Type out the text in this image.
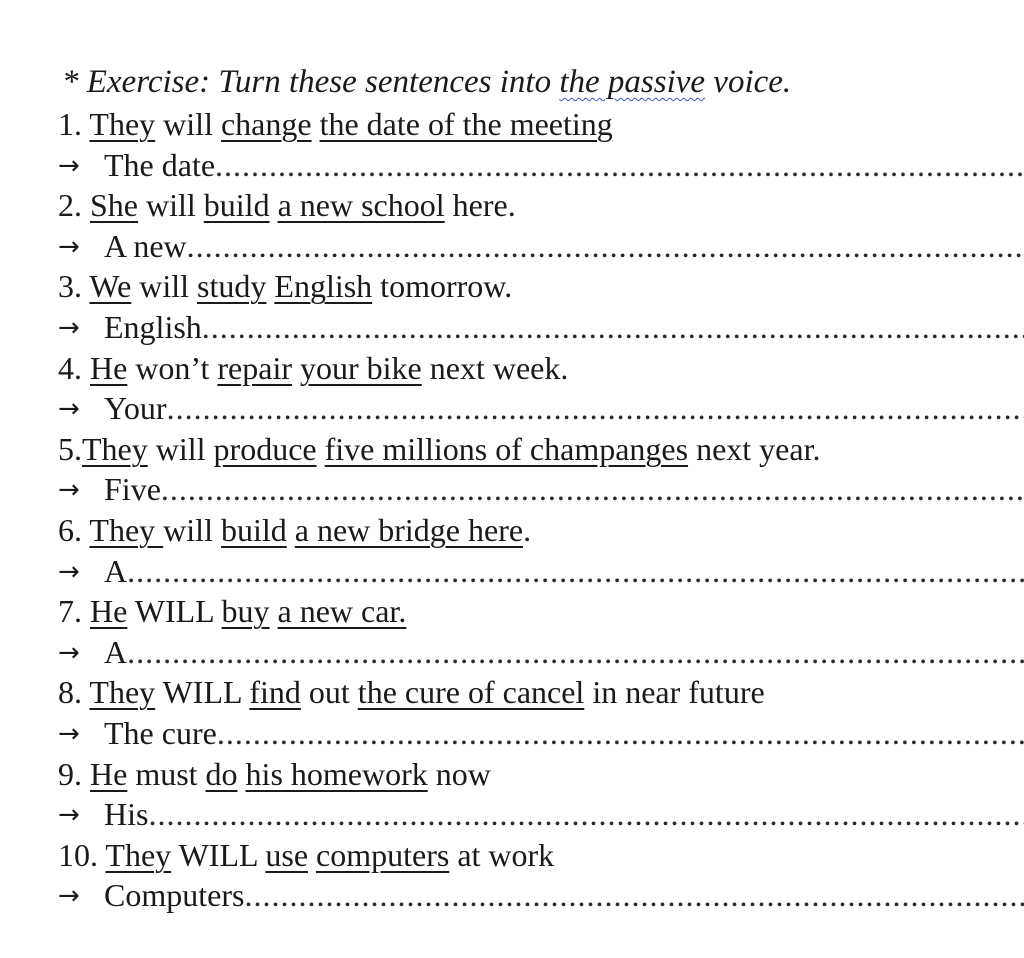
* Exercise: Turn these sentences into the passive voice.
1. They will change the date of the meeting
→ The date
.....
2. She will build a new school here.
→ A new
.....
3. We will study English tomorrow.
→ English
.....
4. He won’t repair your bike next week.
→ Your
.....
5.They will produce five millions of champanges next year.
→ Five
.....
6. They will build a new bridge here.
→ A
.....
7. He WILL buy a new car.
→ A
.....
8. They WILL find out the cure of cancel in near future
→ The cure
.....
9. He must do his homework now
→ His
.....
10. They WILL use computers at work
→ Computers
.....
